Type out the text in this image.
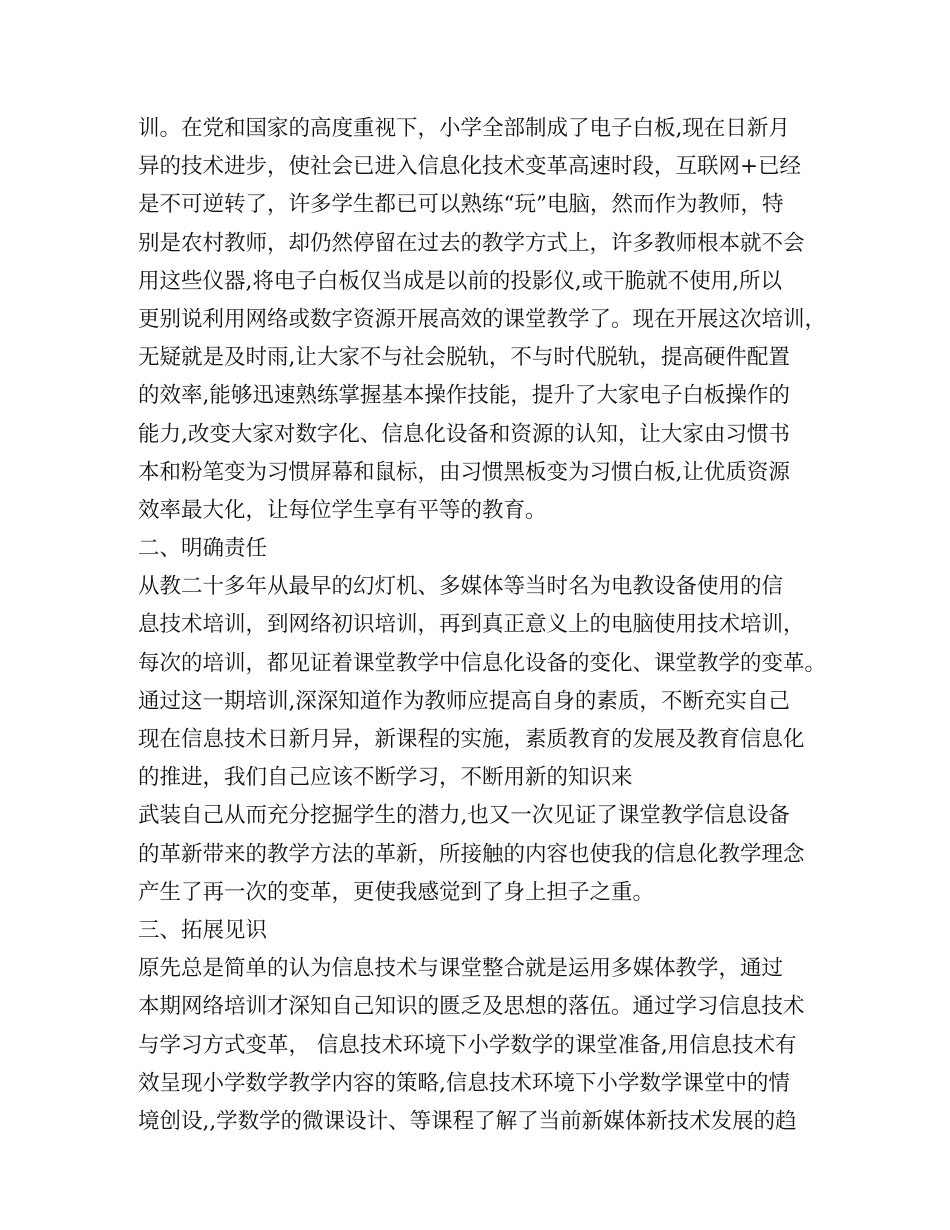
训。在党和国家的高度重视下，小学全部制成了电子白板,现在日新月
异的技术进步，使社会已进入信息化技术变革高速时段，互联网+已经
是不可逆转了，许多学生都已可以熟练“玩”电脑，然而作为教师，特
别是农村教师，却仍然停留在过去的教学方式上，许多教师根本就不会
用这些仪器,将电子白板仅当成是以前的投影仪,或干脆就不使用,所以
更别说利用网络或数字资源开展高效的课堂教学了。现在开展这次培训，
无疑就是及时雨,让大家不与社会脱轨，不与时代脱轨，提高硬件配置
的效率,能够迅速熟练掌握基本操作技能，提升了大家电子白板操作的
能力,改变大家对数字化、信息化设备和资源的认知，让大家由习惯书
本和粉笔变为习惯屏幕和鼠标，由习惯黑板变为习惯白板,让优质资源
效率最大化，让每位学生享有平等的教育。
二、明确责任
从教二十多年从最早的幻灯机、多媒体等当时名为电教设备使用的信
息技术培训，到网络初识培训，再到真正意义上的电脑使用技术培训，
每次的培训，都见证着课堂教学中信息化设备的变化、课堂教学的变革。
通过这一期培训,深深知道作为教师应提高自身的素质，不断充实自己
现在信息技术日新月异，新课程的实施，素质教育的发展及教育信息化
的推进，我们自己应该不断学习，不断用新的知识来
武装自己从而充分挖掘学生的潜力,也又一次见证了课堂教学信息设备
的革新带来的教学方法的革新，所接触的内容也使我的信息化教学理念
产生了再一次的变革，更使我感觉到了身上担子之重。
三、拓展见识
原先总是简单的认为信息技术与课堂整合就是运用多媒体教学，通过
本期网络培训才深知自己知识的匮乏及思想的落伍。通过学习信息技术
与学习方式变革， 信息技术环境下小学数学的课堂准备,用信息技术有
效呈现小学数学教学内容的策略,信息技术环境下小学数学课堂中的情
境创设,,学数学的微课设计、等课程了解了当前新媒体新技术发展的趋
